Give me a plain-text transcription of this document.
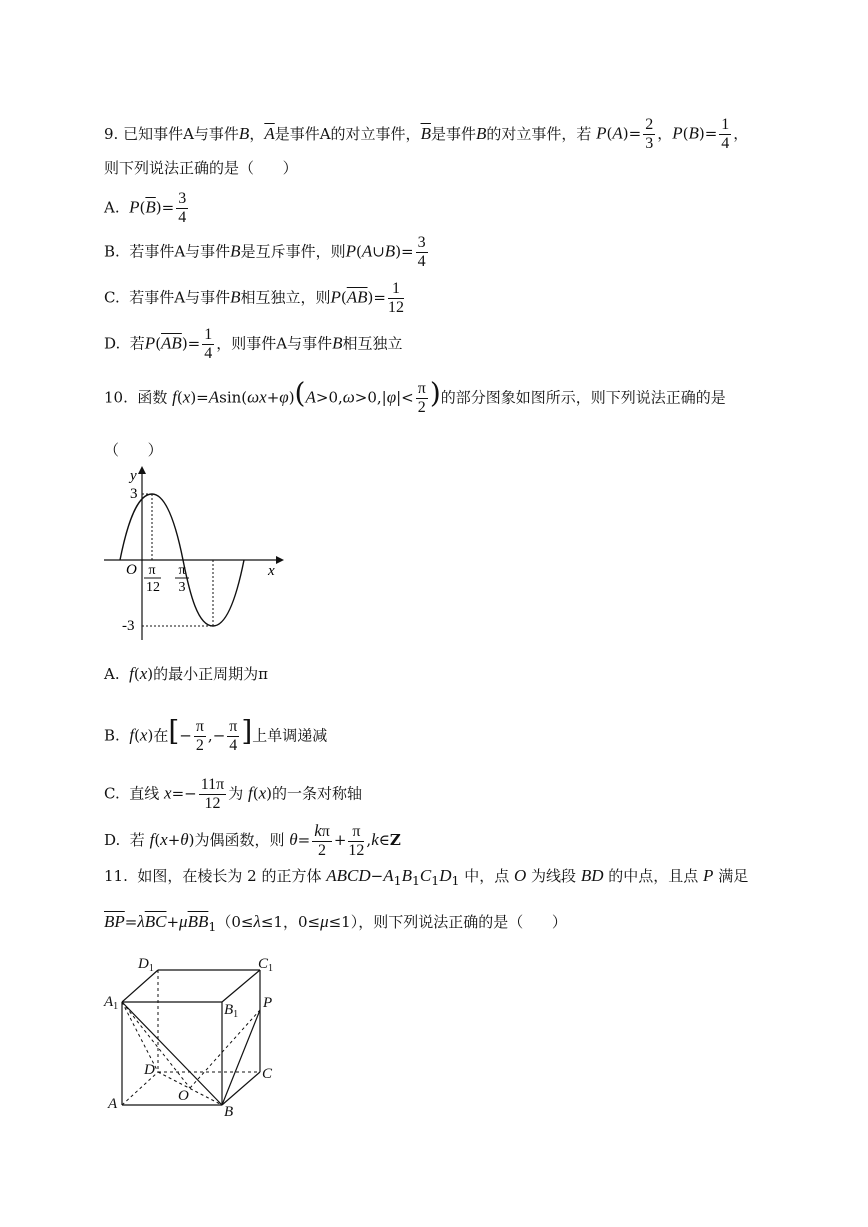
9. 已知事件A与事件B，$\overline{A}$是事件A的对立事件，$\overline{B}$是事件B的对立事件，若 $P(A)= \frac{2}{3}$ ，$P(B)= \frac{1}{4}$ ，
则下列说法正确的是（      ）
A.  $P(\overline{B})= \frac{3}{4}$
B.  若事件A与事件B是互斥事件，则P(A∪B)= $\frac{3}{4}$
C.  若事件A与事件B相互独立，则$P(\overline{AB})= \frac{1}{12}$
D.  若$P(\overline{AB})= \frac{1}{4}$ ，则事件A与事件B相互独立
10.  函数 $f(x)=Asin(\omega x+\varphi)(A>0,\omega>0,|\varphi|< \frac{\pi}{2}$ )的部分图象如图所示，则下列说法正确的是
（      ）
y
x
O
3
-3
π
12
π
3
A.  f(x)的最小正周期为π
B.  f(x)在[− $\frac{\pi}{2}$ ,− $\frac{\pi}{4}$ ]上单调递减
C.  直线 $x=- \frac{11\pi}{12}$ 为 f(x)的一条对称轴
D.  若 f(x+θ)为偶函数，则 $\theta= \frac{k\pi}{2} + \frac{\pi}{12}$ ,k∈Z
11.  如图，在棱长为 2 的正方体 $ABCD-A_1B_1C_1D_1$ 中，点 O 为线段 BD 的中点，且点 P 满足
$\overline{BP}=\lambda\overline{BC}+\mu\overline{BB}_1(0\le\lambda\le 1$，0≤μ≤1），则下列说法正确的是（      ）
$D_1$	$C_1$
$A_1$	$B_1$
P
D	C
O
A	B
